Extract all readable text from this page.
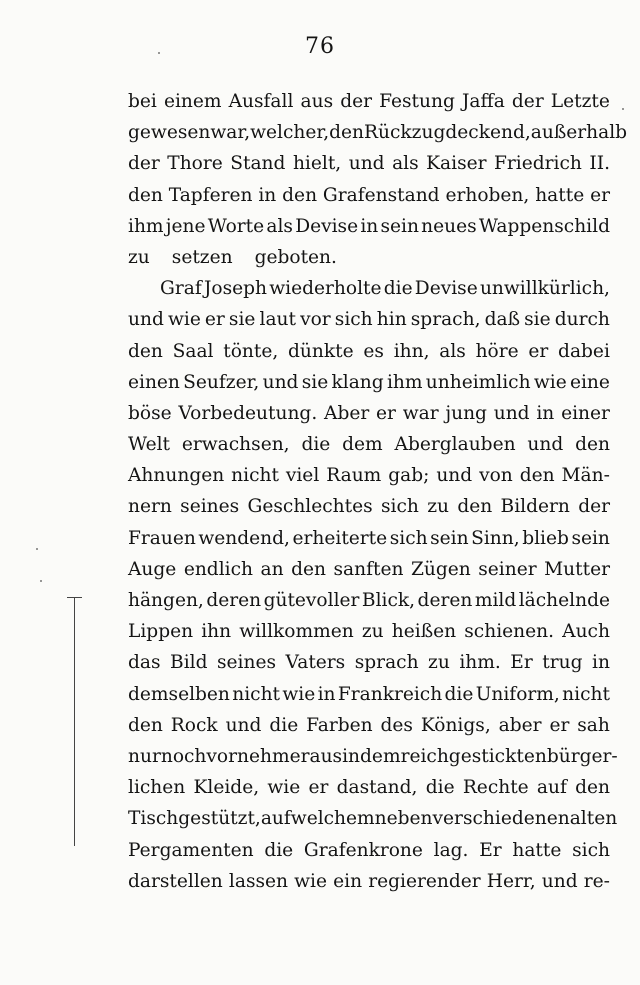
76
bei einem Ausfall aus der Festung Jaffa der Letzte
gewesen war, welcher, den Rückzug deckend, außerhalb
der Thore Stand hielt, und als Kaiser Friedrich II.
den Tapferen in den Grafenstand erhoben, hatte er
ihm jene Worte als Devise in sein neues Wappenschild
zu setzen geboten.
Graf Joseph wiederholte die Devise unwillkürlich,
und wie er sie laut vor sich hin sprach, daß sie durch
den Saal tönte, dünkte es ihn, als höre er dabei
einen Seufzer, und sie klang ihm unheimlich wie eine
böse Vorbedeutung. Aber er war jung und in einer
Welt erwachsen, die dem Aberglauben und den
Ahnungen nicht viel Raum gab; und von den Män-
nern seines Geschlechtes sich zu den Bildern der
Frauen wendend, erheiterte sich sein Sinn, blieb sein
Auge endlich an den sanften Zügen seiner Mutter
hängen, deren gütevoller Blick, deren mild lächelnde
Lippen ihn willkommen zu heißen schienen. Auch
das Bild seines Vaters sprach zu ihm. Er trug in
demselben nicht wie in Frankreich die Uniform, nicht
den Rock und die Farben des Königs, aber er sah
nur noch vornehmer aus in dem reichgestickten bürger-
lichen Kleide, wie er dastand, die Rechte auf den
Tisch gestützt, auf welchem neben verschiedenen alten
Pergamenten die Grafenkrone lag. Er hatte sich
darstellen lassen wie ein regierender Herr, und re-
